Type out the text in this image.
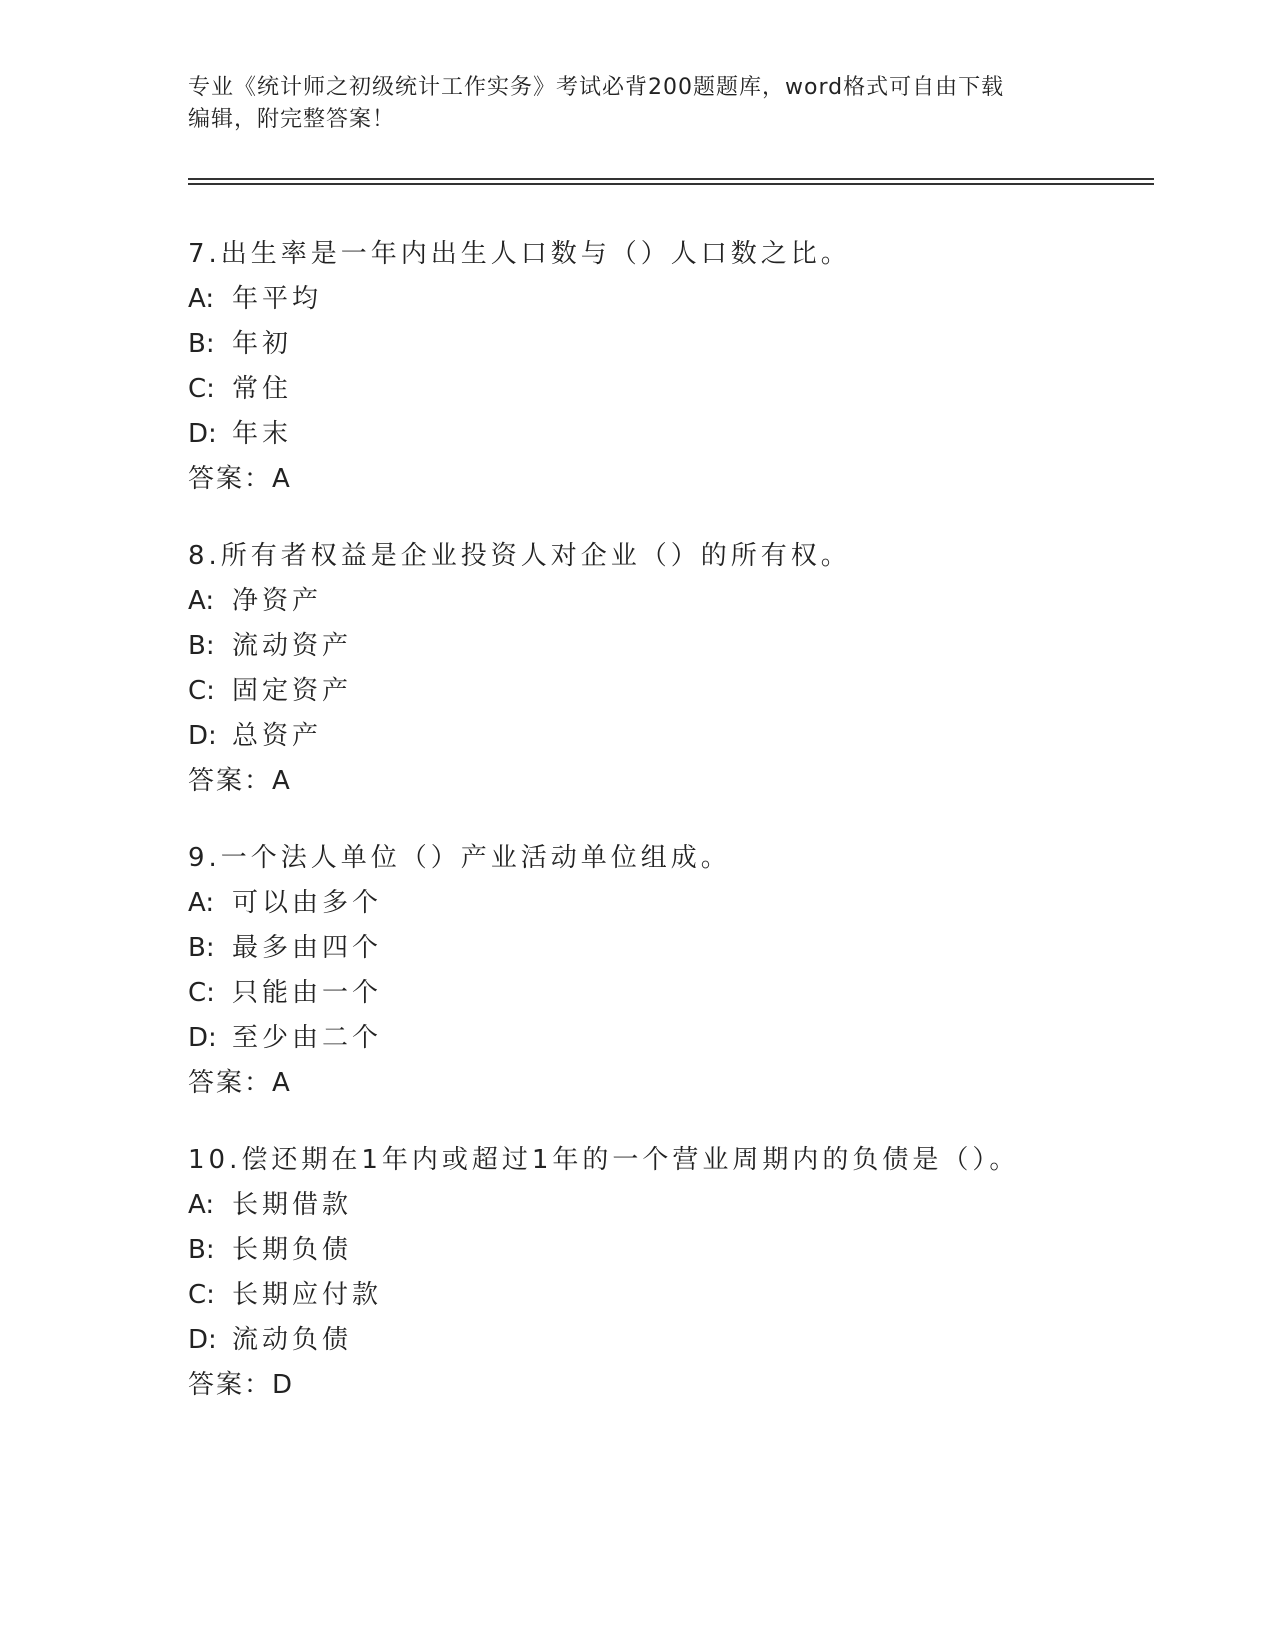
专业《统计师之初级统计工作实务》考试必背200题题库，word格式可自由下载
编辑，附完整答案！
7.出生率是一年内出生人口数与（）人口数之比。
A: 年平均
B: 年初
C: 常住
D: 年末
答案：A
8.所有者权益是企业投资人对企业（）的所有权。
A: 净资产
B: 流动资产
C: 固定资产
D: 总资产
答案：A
9.一个法人单位（）产业活动单位组成。
A: 可以由多个
B: 最多由四个
C: 只能由一个
D: 至少由二个
答案：A
10.偿还期在1年内或超过1年的一个营业周期内的负债是（）。
A: 长期借款
B: 长期负债
C: 长期应付款
D: 流动负债
答案：D
